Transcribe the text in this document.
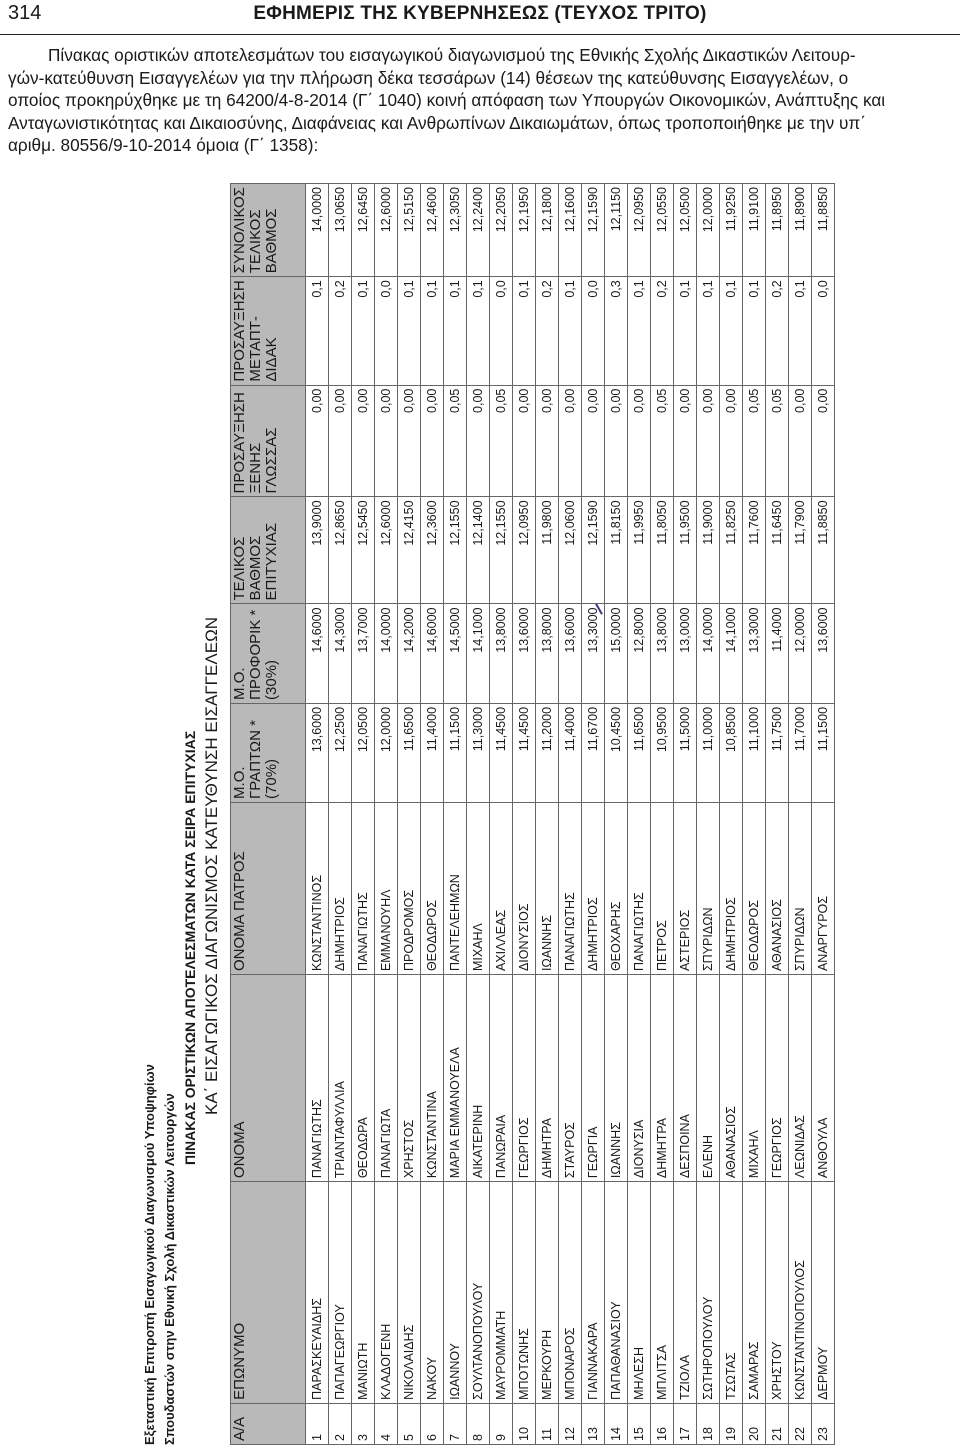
314	ΕΦΗΜΕΡΙΣ ΤΗΣ ΚΥΒΕΡΝΗΣΕΩΣ (ΤΕΥΧΟΣ ΤΡΙΤΟ)
Πίνακας οριστικών αποτελεσμάτων του εισαγωγικού διαγωνισμού της Εθνικής Σχολής Δικαστικών Λειτουρ-
γών-κατεύθυνση Εισαγγελέων για την πλήρωση δέκα τεσσάρων (14) θέσεων της κατεύθυνσης Εισαγγελέων, ο
οποίος προκηρύχθηκε με τη 64200/4-8-2014 (Γ΄ 1040) κοινή απόφαση των Υπουργών Οικονομικών, Ανάπτυξης και
Ανταγωνιστικότητας και Δικαιοσύνης, Διαφάνειας και Ανθρωπίνων Δικαιωμάτων, όπως τροποποιήθηκε με την υπ΄
αριθμ. 80556/9-10-2014 όμοια (Γ΄ 1358):
Εξεταστική Επιτροπή Εισαγωγικού Διαγωνισμού Υποψηφίων Σπουδαστών στην Εθνική Σχολή Δικαστικών Λειτουργών
ΠΙΝΑΚΑΣ ΟΡΙΣΤΙΚΩΝ ΑΠΟΤΕΛΕΣΜΑΤΩΝ ΚΑΤΑ ΣΕΙΡΑ ΕΠΙΤΥΧΙΑΣ ΚΑ΄ ΕΙΣΑΓΩΓΙΚΟΣ ΔΙΑΓΩΝΙΣΜΟΣ ΚΑΤΕΥΘΥΝΣΗ ΕΙΣΑΓΓΕΛΕΩΝ
Α/Α	ΕΠΩΝΥΜΟ	ΟΝΟΜΑ	ΟΝΟΜΑ ΠΑΤΡΟΣ	Μ.Ο. ΓΡΑΠΤΩΝ *(70%)	Μ.Ο. ΠΡΟΦΟΡΙΚ *(30%)	ΤΕΛΙΚΟΣ ΒΑΘΜΟΣ ΕΠΙΤΥΧΙΑΣ	ΠΡΟΣΑΥΞΗΣΗ ΞΕΝΗΣ ΓΛΩΣΣΑΣ	ΠΡΟΣΑΥΞΗΣΗ ΜΕΤΑΠΤ-ΔΙΔΑΚ	ΣΥΝΟΛΙΚΟΣ ΤΕΛΙΚΟΣ ΒΑΘΜΟΣ
1	ΠΑΡΑΣΚΕΥΑΙΔΗΣ	ΠΑΝΑΓΙΩΤΗΣ	ΚΩΝΣΤΑΝΤΙΝΟΣ	13,6000	14,6000	13,9000	0,00	0,1	14,0000
2	ΠΑΠΑΓΕΩΡΓΙΟΥ	ΤΡΙΑΝΤΑΦΥΛΛΙΑ	ΔΗΜΗΤΡΙΟΣ	12,2500	14,3000	12,8650	0,00	0,2	13,0650
3	ΜΑΝΙΩΤΗ	ΘΕΟΔΩΡΑ	ΠΑΝΑΓΙΩΤΗΣ	12,0500	13,7000	12,5450	0,00	0,1	12,6450
4	ΚΛΑΔΟΓΕΝΗ	ΠΑΝΑΓΙΩΤΑ	ΕΜΜΑΝΟΥΗΛ	12,0000	14,0000	12,6000	0,00	0,0	12,6000
5	ΝΙΚΟΛΑΙΔΗΣ	ΧΡΗΣΤΟΣ	ΠΡΟΔΡΟΜΟΣ	11,6500	14,2000	12,4150	0,00	0,1	12,5150
6	ΝΑΚΟΥ	ΚΩΝΣΤΑΝΤΙΝΑ	ΘΕΟΔΩΡΟΣ	11,4000	14,6000	12,3600	0,00	0,1	12,4600
7	ΙΩΑΝΝΟΥ	ΜΑΡΙΑ ΕΜΜΑΝΟΥΕΛΑ	ΠΑΝΤΕΛΕΗΜΩΝ	11,1500	14,5000	12,1550	0,05	0,1	12,3050
8	ΣΟΥΛΤΑΝΟΠΟΥΛΟΥ	ΑΙΚΑΤΕΡΙΝΗ	ΜΙΧΑΗΛ	11,3000	14,1000	12,1400	0,00	0,1	12,2400
9	ΜΑΥΡΟΜΜΑΤΗ	ΠΑΝΩΡΑΙΑ	ΑΧΙΛΛΕΑΣ	11,4500	13,8000	12,1550	0,05	0,0	12,2050
10	ΜΠΟΤΩΝΗΣ	ΓΕΩΡΓΙΟΣ	ΔΙΟΝΥΣΙΟΣ	11,4500	13,6000	12,0950	0,00	0,1	12,1950
11	ΜΕΡΚΟΥΡΗ	ΔΗΜΗΤΡΑ	ΙΩΑΝΝΗΣ	11,2000	13,8000	11,9800	0,00	0,2	12,1800
12	ΜΠΟΝΑΡΟΣ	ΣΤΑΥΡΟΣ	ΠΑΝΑΓΙΩΤΗΣ	11,4000	13,6000	12,0600	0,00	0,1	12,1600
13	ΓΙΑΝΝΑΚΑΡΑ	ΓΕΩΡΓΙΑ	ΔΗΜΗΤΡΙΟΣ	11,6700	13,3000	12,1590	0,00	0,0	12,1590
14	ΠΑΠΑΘΑΝΑΣΙΟΥ	ΙΩΑΝΝΗΣ	ΘΕΟΧΑΡΗΣ	10,4500	15,0000	11,8150	0,00	0,3	12,1150
15	ΜΗΛΕΣΗ	ΔΙΟΝΥΣΙΑ	ΠΑΝΑΓΙΩΤΗΣ	11,6500	12,8000	11,9950	0,00	0,1	12,0950
16	ΜΠΛΙΤΣΑ	ΔΗΜΗΤΡΑ	ΠΕΤΡΟΣ	10,9500	13,8000	11,8050	0,05	0,2	12,0550
17	ΤΖΙΟΛΑ	ΔΕΣΠΟΙΝΑ	ΑΣΤΕΡΙΟΣ	11,5000	13,0000	11,9500	0,00	0,1	12,0500
18	ΣΩΤΗΡΟΠΟΥΛΟΥ	ΕΛΕΝΗ	ΣΠΥΡΙΔΩΝ	11,0000	14,0000	11,9000	0,00	0,1	12,0000
19	ΤΣΩΤΑΣ	ΑΘΑΝΑΣΙΟΣ	ΔΗΜΗΤΡΙΟΣ	10,8500	14,1000	11,8250	0,00	0,1	11,9250
20	ΣΑΜΑΡΑΣ	ΜΙΧΑΗΛ	ΘΕΟΔΩΡΟΣ	11,1000	13,3000	11,7600	0,05	0,1	11,9100
21	ΧΡΗΣΤΟΥ	ΓΕΩΡΓΙΟΣ	ΑΘΑΝΑΣΙΟΣ	11,7500	11,4000	11,6450	0,05	0,2	11,8950
22	ΚΩΝΣΤΑΝΤΙΝΟΠΟΥΛΟΣ	ΛΕΩΝΙΔΑΣ	ΣΠΥΡΙΔΩΝ	11,7000	12,0000	11,7900	0,00	0,1	11,8900
23	ΔΕΡΜΟΥ	ΑΝΘΟΥΛΑ	ΑΝΑΡΓΥΡΟΣ	11,1500	13,6000	11,8850	0,00	0,0	11,8850
